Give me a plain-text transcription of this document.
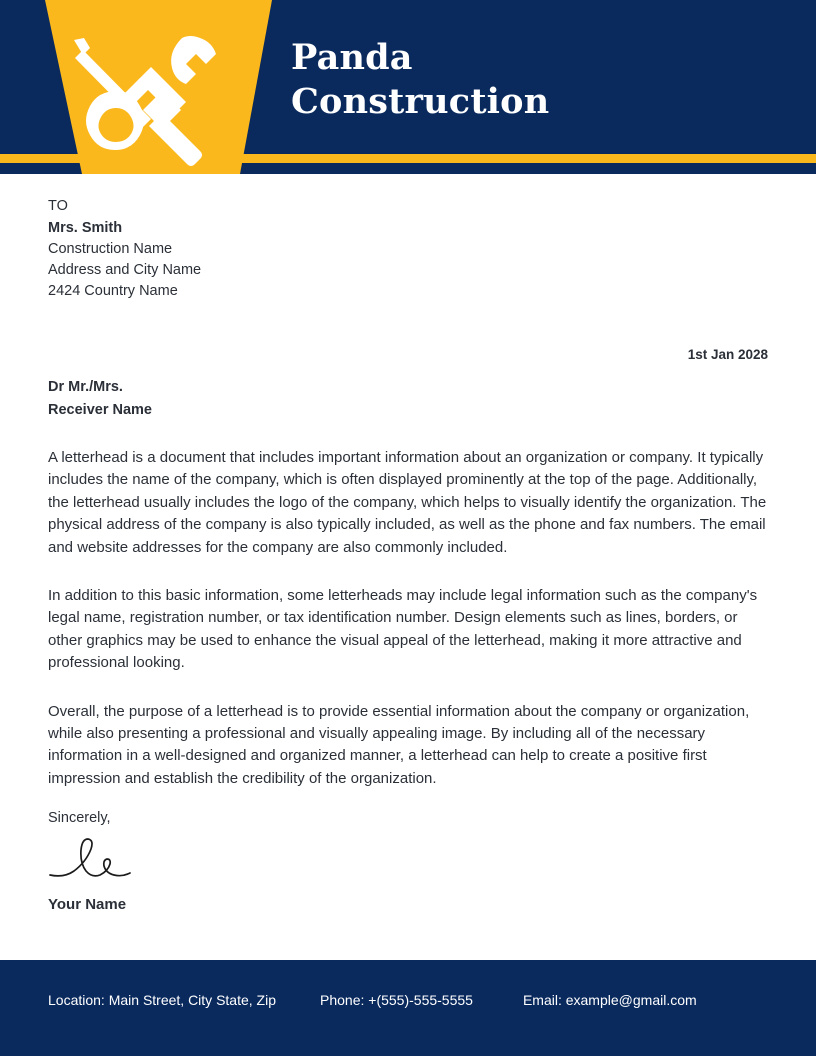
Panda
Construction
TO
Mrs. Smith
Construction Name
Address and City Name
2424 Country Name
1st Jan 2028
Dr Mr./Mrs.
Receiver Name

A letterhead is a document that includes important information about an organization or company. It typically includes the name of the company, which is often displayed prominently at the top of the page. Additionally, the letterhead usually includes the logo of the company, which helps to visually identify the organization. The physical address of the company is also typically included, as well as the phone and fax numbers. The email and website addresses for the company are also commonly included.

In addition to this basic information, some letterheads may include legal information such as the company's legal name, registration number, or tax identification number. Design elements such as lines, borders, or other graphics may be used to enhance the visual appeal of the letterhead, making it more attractive and professional looking.

Overall, the purpose of a letterhead is to provide essential information about the company or organization, while also presenting a professional and visually appealing image. By including all of the necessary information in a well-designed and organized manner, a letterhead can help to create a positive first impression and establish the credibility of the organization.

Sincerely,
Your Name
Location: Main Street, City State, Zip	Phone: +(555)-555-5555	Email: example@gmail.com
